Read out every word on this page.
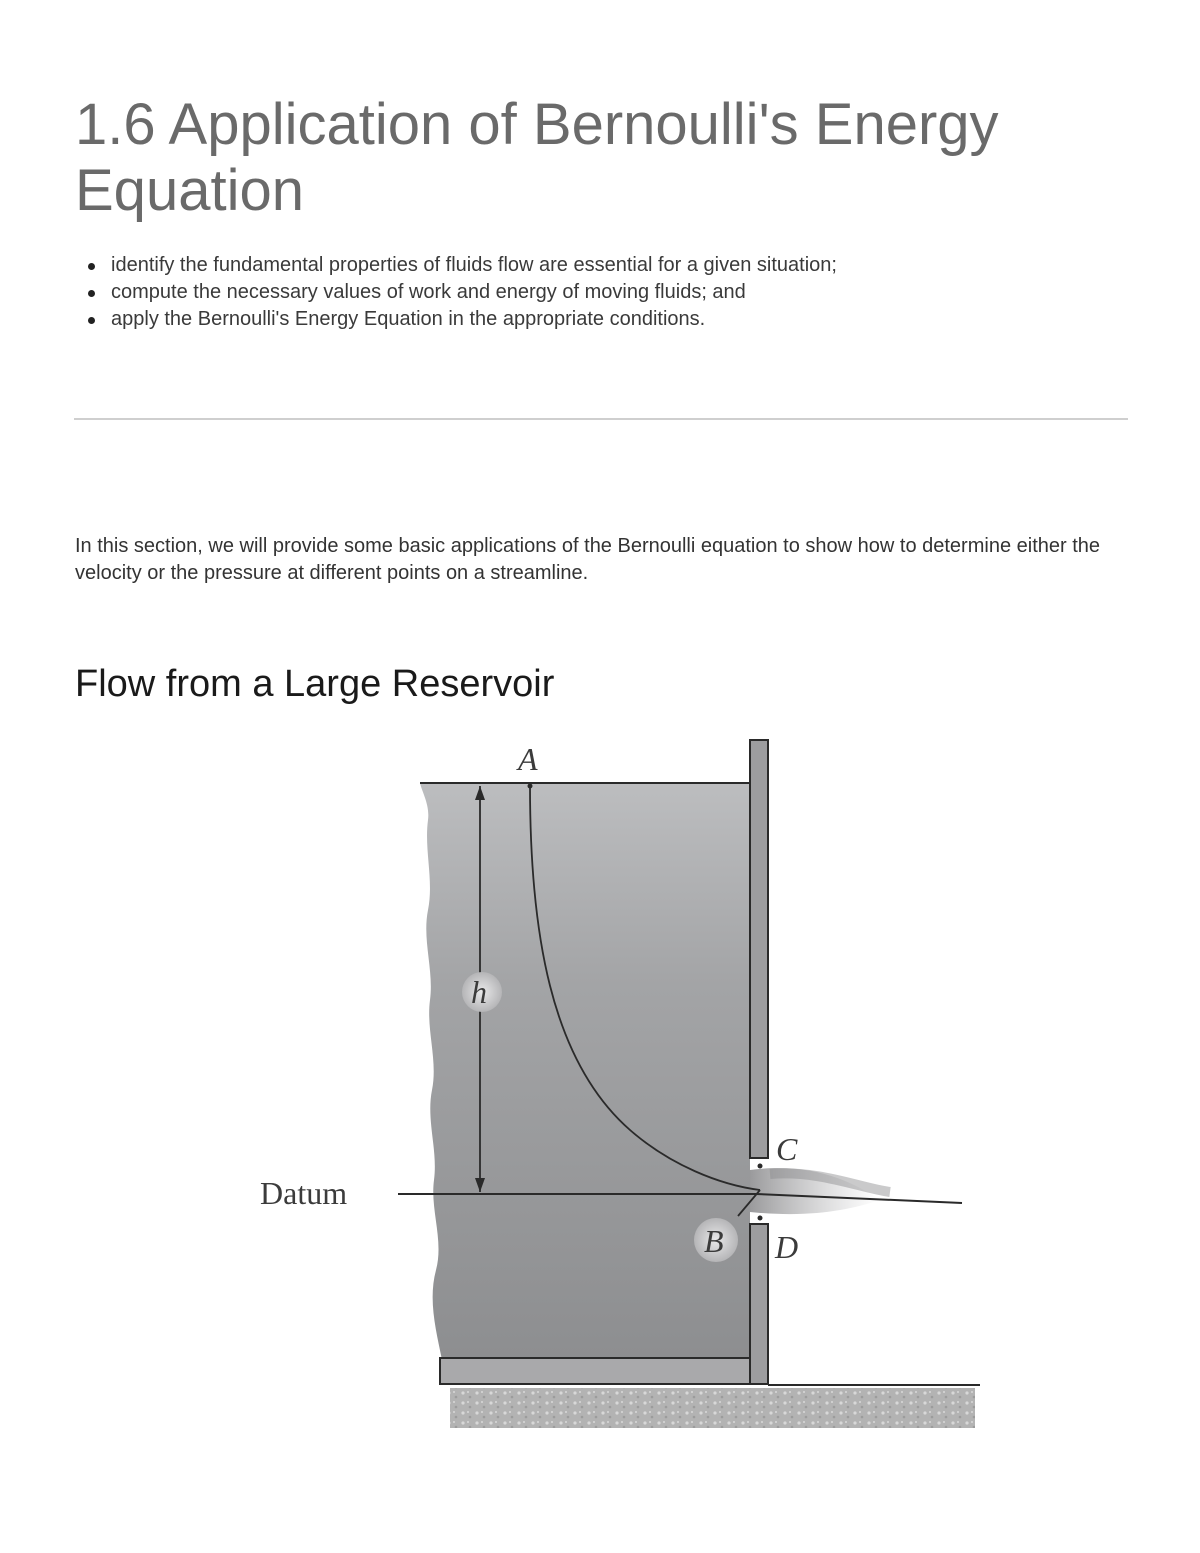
1.6 Application of Bernoulli's Energy Equation
identify the fundamental properties of fluids flow are essential for a given situation;
compute the necessary values of work and energy of moving fluids; and
apply the Bernoulli's Energy Equation in the appropriate conditions.

In this section, we will provide some basic applications of the Bernoulli equation to show how to determine either the velocity or the pressure at different points on a streamline.

Flow from a Large Reservoir
A
h
C
Datum
B D
